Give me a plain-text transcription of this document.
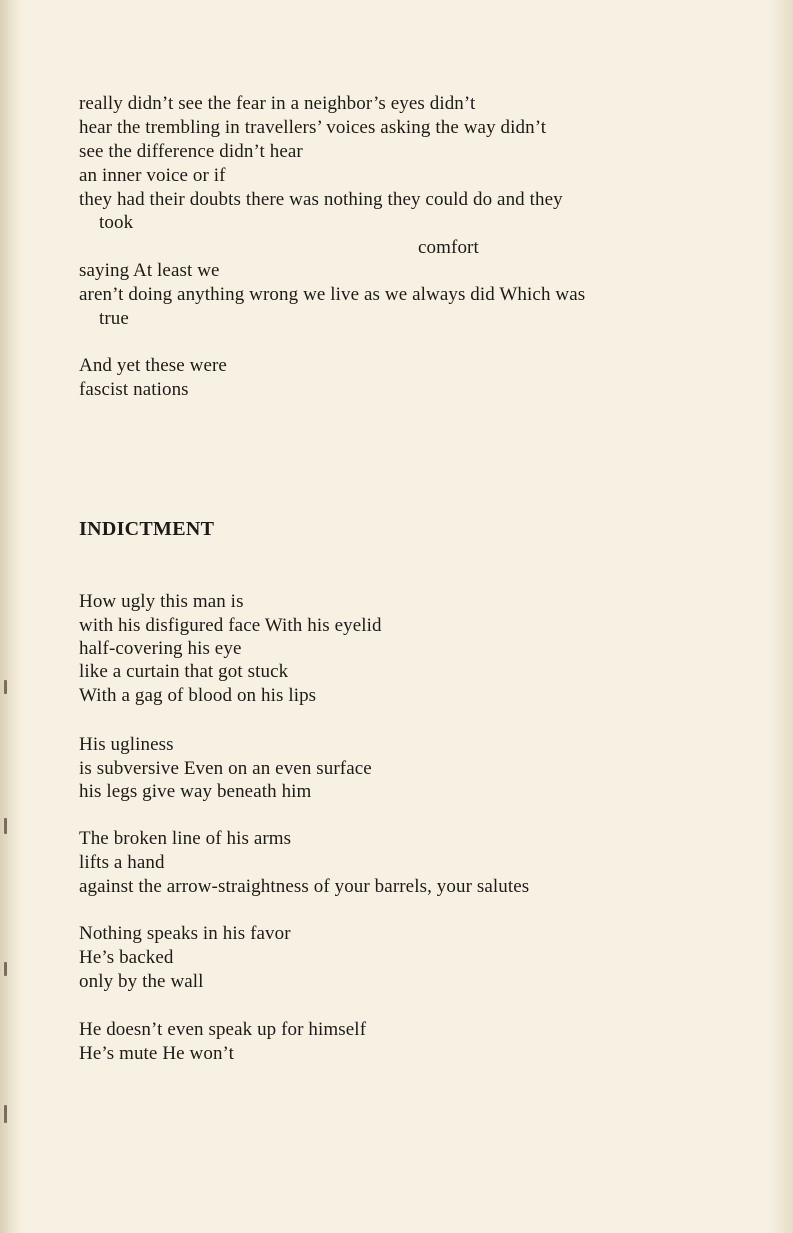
really didn’t see the fear in a neighbor’s eyes didn’t
hear the trembling in travellers’ voices asking the way didn’t
see the difference didn’t hear
an inner voice or if
they had their doubts there was nothing they could do and they
took
comfort
saying At least we
aren’t doing anything wrong we live as we always did Which was
true
And yet these were
fascist nations
INDICTMENT
How ugly this man is
with his disfigured face With his eyelid
half-covering his eye
like a curtain that got stuck
With a gag of blood on his lips
His ugliness
is subversive Even on an even surface
his legs give way beneath him
The broken line of his arms
lifts a hand
against the arrow-straightness of your barrels, your salutes
Nothing speaks in his favor
He’s backed
only by the wall
He doesn’t even speak up for himself
He’s mute He won’t
